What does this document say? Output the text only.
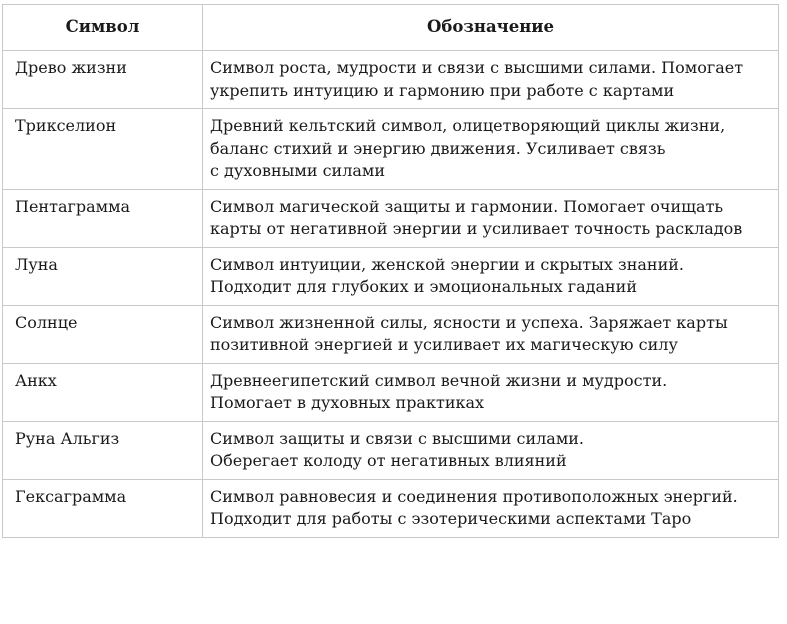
Символ	Обозначение
Древо жизни	Символ роста, мудрости и связи с высшими силами. Помогает
укрепить интуицию и гармонию при работе с картами

Трикселион	Древний кельтский символ, олицетворяющий циклы жизни,
баланс стихий и энергию движения. Усиливает связь
с духовными силами

Пентаграмма	Символ магической защиты и гармонии. Помогает очищать
карты от негативной энергии и усиливает точность раскладов

Луна	Символ интуиции, женской энергии и скрытых знаний.
Подходит для глубоких и эмоциональных гаданий

Солнце	Символ жизненной силы, ясности и успеха. Заряжает карты
позитивной энергией и усиливает их магическую силу

Анкх	Древнеегипетский символ вечной жизни и мудрости.
Помогает в духовных практиках

Руна Альгиз	Символ защиты и связи с высшими силами.
Оберегает колоду от негативных влияний

Гексаграмма	Символ равновесия и соединения противоположных энергий.
Подходит для работы с эзотерическими аспектами Таро
